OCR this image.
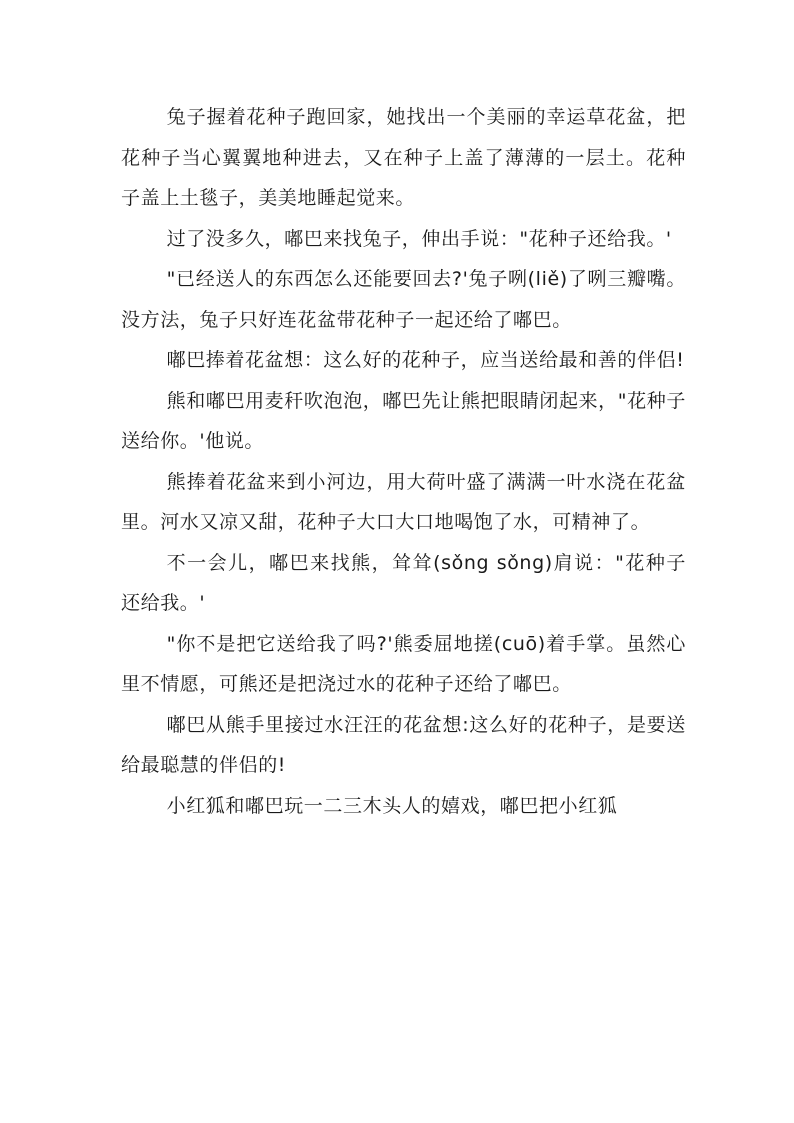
兔子握着花种子跑回家，她找出一个美丽的幸运草花盆，把花种子当心翼翼地种进去，又在种子上盖了薄薄的一层土。花种子盖上土毯子，美美地睡起觉来。

过了没多久，嘟巴来找兔子，伸出手说："花种子还给我。'

"已经送人的东西怎么还能要回去?'兔子咧(liě)了咧三瓣嘴。没方法，兔子只好连花盆带花种子一起还给了嘟巴。

嘟巴捧着花盆想：这么好的花种子，应当送给最和善的伴侣!

熊和嘟巴用麦秆吹泡泡，嘟巴先让熊把眼睛闭起来，"花种子送给你。'他说。

熊捧着花盆来到小河边，用大荷叶盛了满满一叶水浇在花盆里。河水又凉又甜，花种子大口大口地喝饱了水，可精神了。

不一会儿，嘟巴来找熊，耸耸(sǒng sǒng)肩说："花种子还给我。'

"你不是把它送给我了吗?'熊委屈地搓(cuō)着手掌。虽然心里不情愿，可熊还是把浇过水的花种子还给了嘟巴。

嘟巴从熊手里接过水汪汪的花盆想:这么好的花种子，是要送给最聪慧的伴侣的!

小红狐和嘟巴玩一二三木头人的嬉戏，嘟巴把小红狐
